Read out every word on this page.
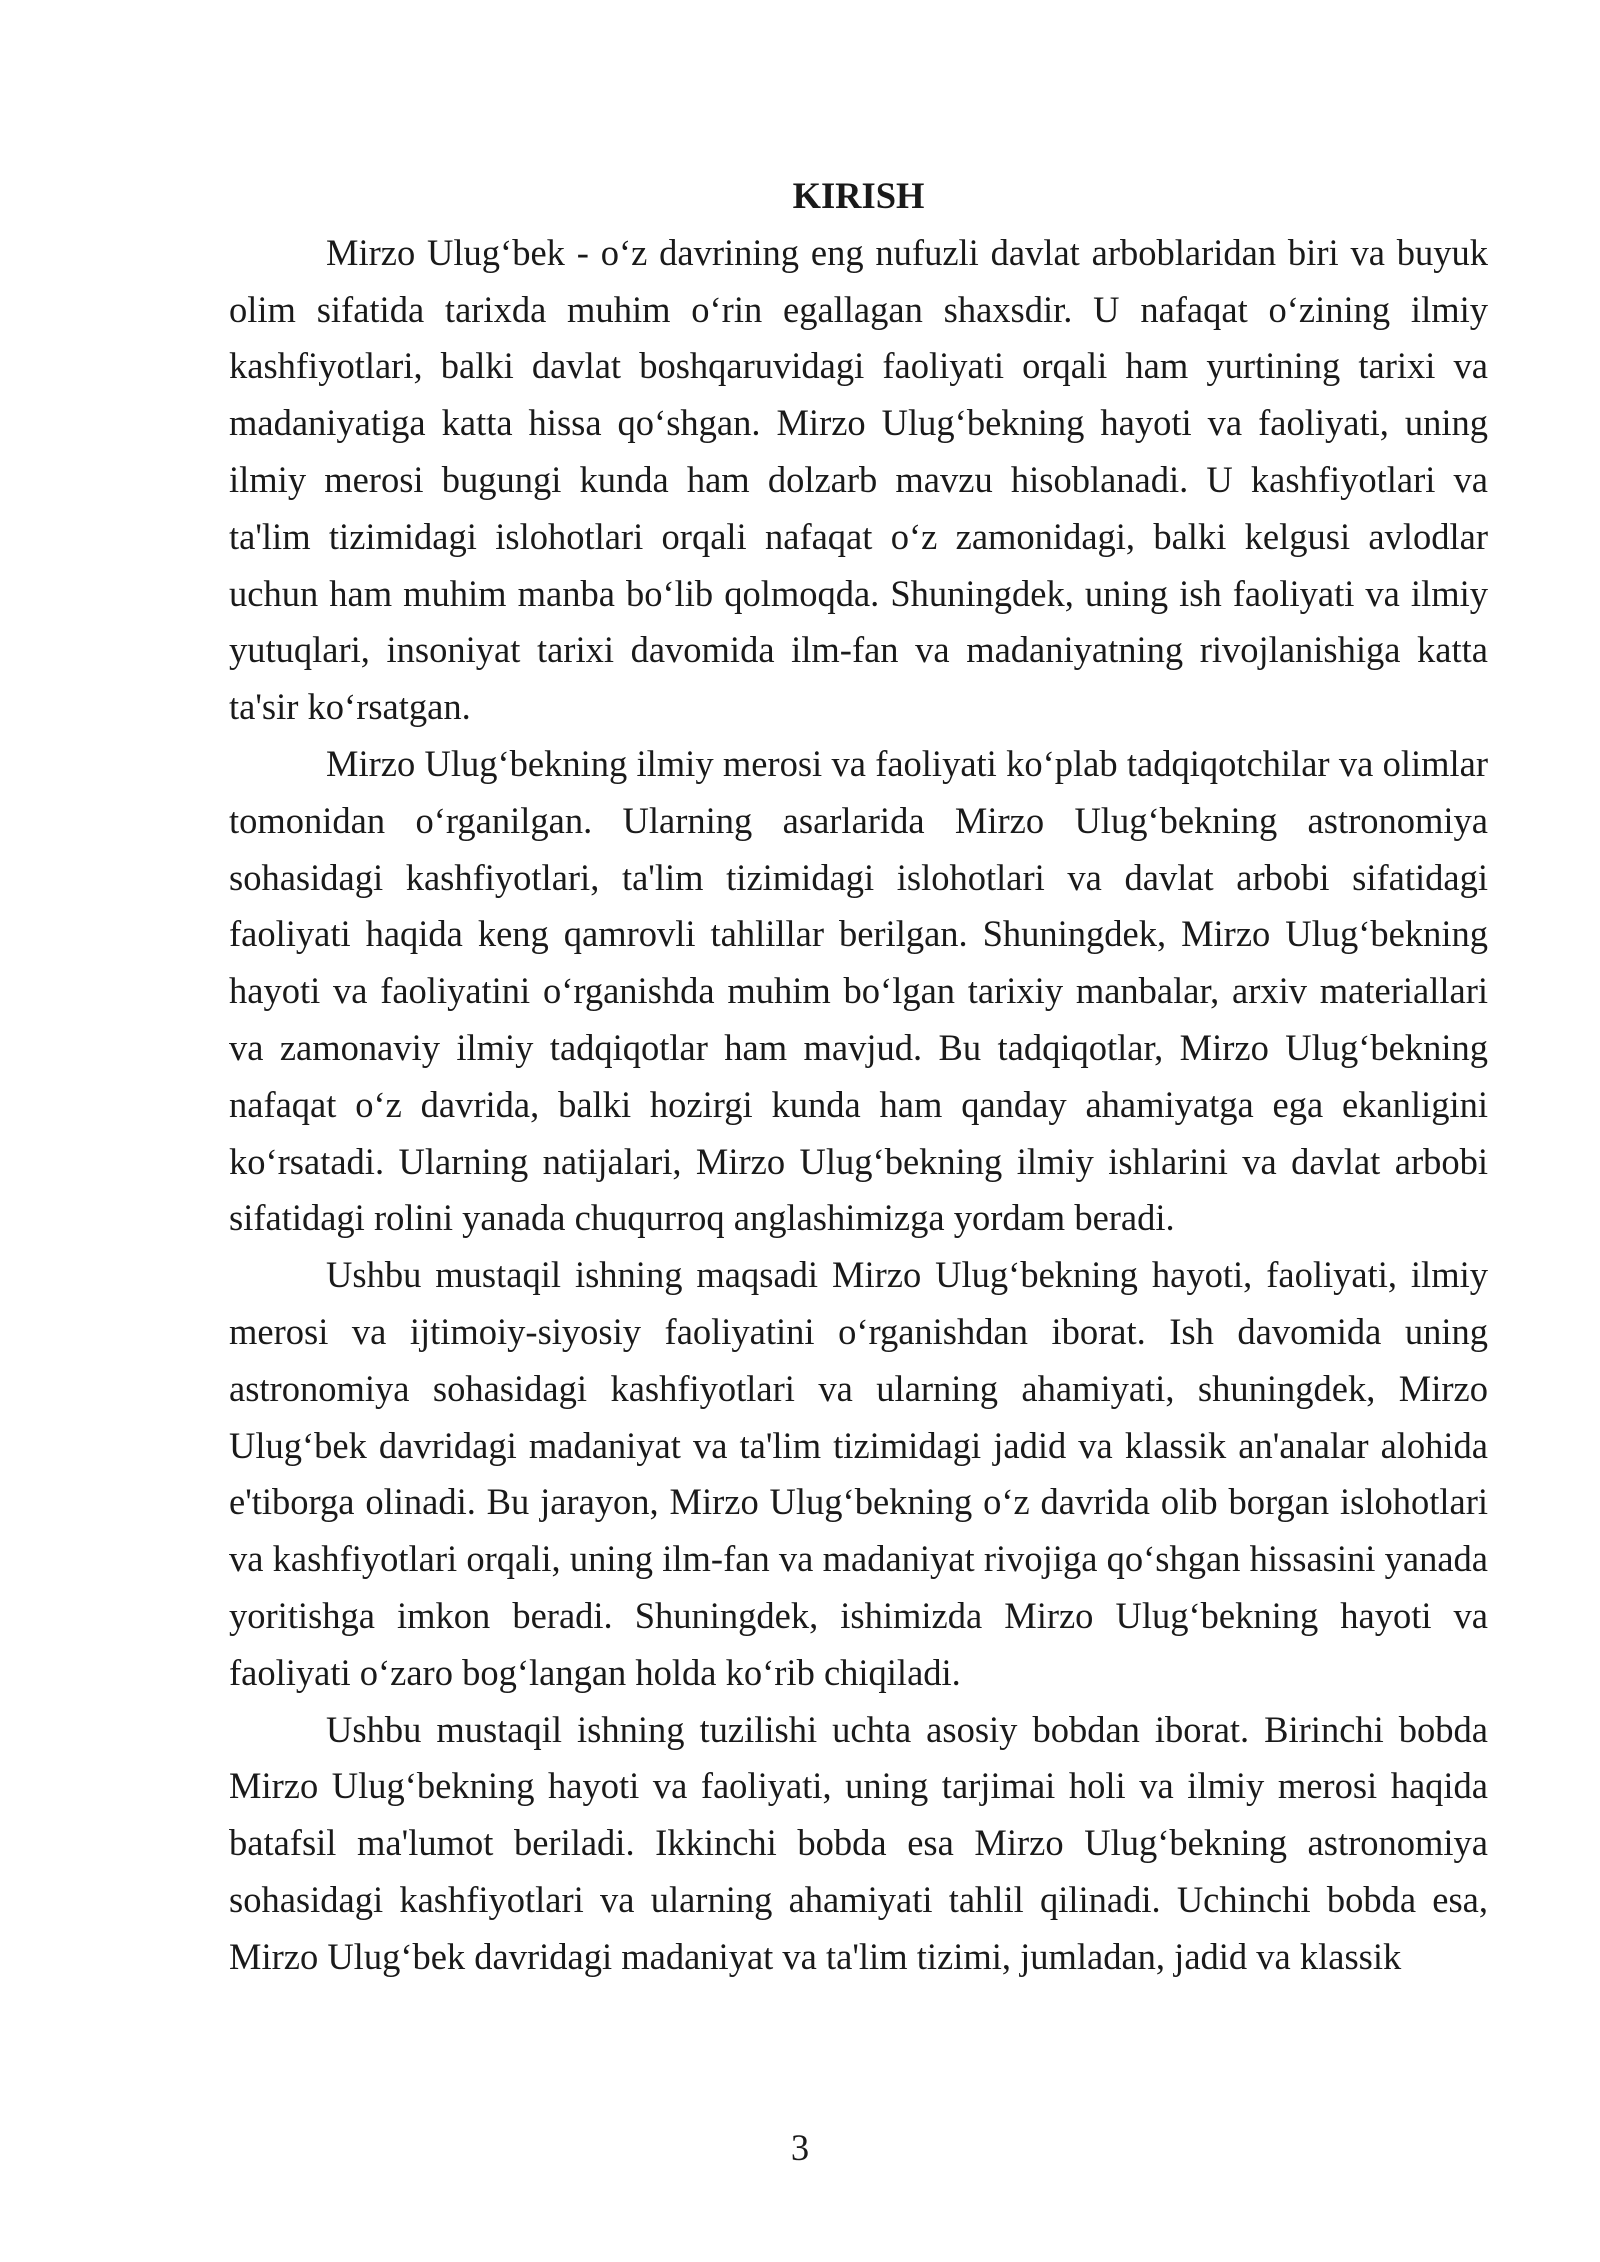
KIRISH

Mirzo Ulug‘bek - o‘z davrining eng nufuzli davlat arboblaridan biri va buyuk olim sifatida tarixda muhim o‘rin egallagan shaxsdir. U nafaqat o‘zining ilmiy kashfiyotlari, balki davlat boshqaruvidagi faoliyati orqali ham yurtining tarixi va madaniyatiga katta hissa qo‘shgan. Mirzo Ulug‘bekning hayoti va faoliyati, uning ilmiy merosi bugungi kunda ham dolzarb mavzu hisoblanadi. U kashfiyotlari va ta'lim tizimidagi islohotlari orqali nafaqat o‘z zamonidagi, balki kelgusi avlodlar uchun ham muhim manba bo‘lib qolmoqda. Shuningdek, uning ish faoliyati va ilmiy yutuqlari, insoniyat tarixi davomida ilm-fan va madaniyatning rivojlanishiga katta ta'sir ko‘rsatgan.

Mirzo Ulug‘bekning ilmiy merosi va faoliyati ko‘plab tadqiqotchilar va olimlar tomonidan o‘rganilgan. Ularning asarlarida Mirzo Ulug‘bekning astronomiya sohasidagi kashfiyotlari, ta'lim tizimidagi islohotlari va davlat arbobi sifatidagi faoliyati haqida keng qamrovli tahlillar berilgan. Shuningdek, Mirzo Ulug‘bekning hayoti va faoliyatini o‘rganishda muhim bo‘lgan tarixiy manbalar, arxiv materiallari va zamonaviy ilmiy tadqiqotlar ham mavjud. Bu tadqiqotlar, Mirzo Ulug‘bekning nafaqat o‘z davrida, balki hozirgi kunda ham qanday ahamiyatga ega ekanligini ko‘rsatadi. Ularning natijalari, Mirzo Ulug‘bekning ilmiy ishlarini va davlat arbobi sifatidagi rolini yanada chuqurroq anglashimizga yordam beradi.

Ushbu mustaqil ishning maqsadi Mirzo Ulug‘bekning hayoti, faoliyati, ilmiy merosi va ijtimoiy-siyosiy faoliyatini o‘rganishdan iborat. Ish davomida uning astronomiya sohasidagi kashfiyotlari va ularning ahamiyati, shuningdek, Mirzo Ulug‘bek davridagi madaniyat va ta'lim tizimidagi jadid va klassik an'analar alohida e'tiborga olinadi. Bu jarayon, Mirzo Ulug‘bekning o‘z davrida olib borgan islohotlari va kashfiyotlari orqali, uning ilm-fan va madaniyat rivojiga qo‘shgan hissasini yanada yoritishga imkon beradi. Shuningdek, ishimizda Mirzo Ulug‘bekning hayoti va faoliyati o‘zaro bog‘langan holda ko‘rib chiqiladi.

Ushbu mustaqil ishning tuzilishi uchta asosiy bobdan iborat. Birinchi bobda Mirzo Ulug‘bekning hayoti va faoliyati, uning tarjimai holi va ilmiy merosi haqida batafsil ma'lumot beriladi. Ikkinchi bobda esa Mirzo Ulug‘bekning astronomiya sohasidagi kashfiyotlari va ularning ahamiyati tahlil qilinadi. Uchinchi bobda esa, Mirzo Ulug‘bek davridagi madaniyat va ta'lim tizimi, jumladan, jadid va klassik

3
